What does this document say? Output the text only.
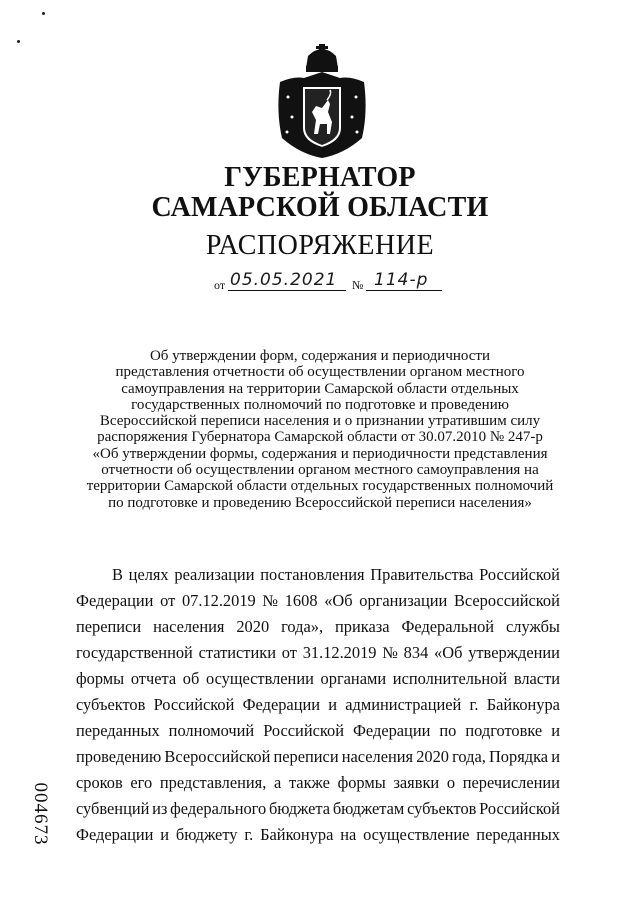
ГУБЕРНАТОР
САМАРСКОЙ ОБЛАСТИ
РАСПОРЯЖЕНИЕ
от 05.05.2021 № 114-р
Об утверждении форм, содержания и периодичности
представления отчетности об осуществлении органом местного
самоуправления на территории Самарской области отдельных
государственных полномочий по подготовке и проведению
Всероссийской переписи населения и о признании утратившим силу
распоряжения Губернатора Самарской области от 30.07.2010 № 247-р
«Об утверждении формы, содержания и периодичности представления
отчетности об осуществлении органом местного самоуправления на
территории Самарской области отдельных государственных полномочий
по подготовке и проведению Всероссийской переписи населения»
В целях реализации постановления Правительства Российской
Федерации от 07.12.2019 № 1608 «Об организации Всероссийской
переписи населения 2020 года», приказа Федеральной службы
государственной статистики от 31.12.2019 № 834 «Об утверждении
формы отчета об осуществлении органами исполнительной власти
субъектов Российской Федерации и администрацией г. Байконура
переданных полномочий Российской Федерации по подготовке и
проведению Всероссийской переписи населения 2020 года, Порядка и
сроков его представления, а также формы заявки о перечислении
субвенций из федерального бюджета бюджетам субъектов Российской
Федерации и бюджету г. Байконура на осуществление переданных
004673
